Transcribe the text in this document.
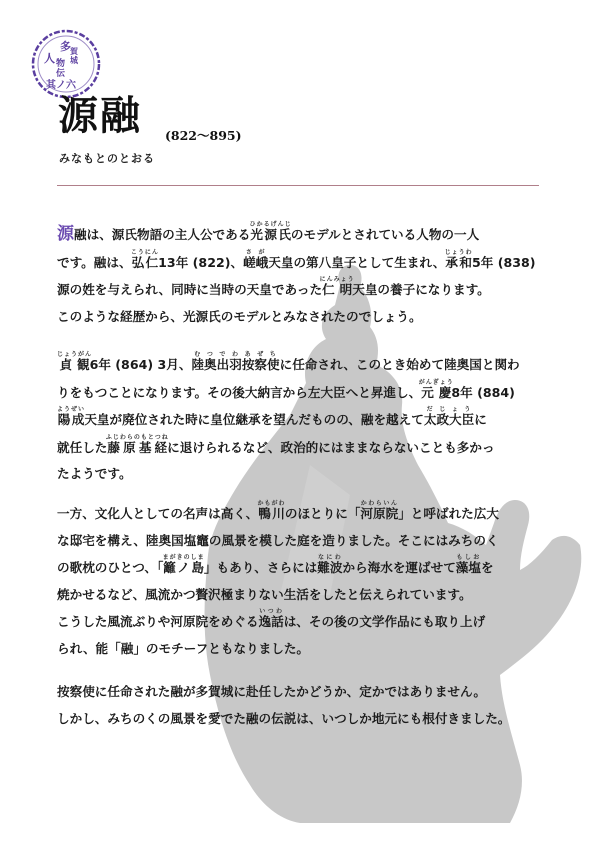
多 賀
城
人 物
伝
其ノ六
源融 (822〜895)
みなもとのとおる
源融は、源氏物語の主人公である光源氏ひかるげんじのモデルとされている人物の一人
です。融は、弘仁こうにん13年 (822)、嵯峨さが天皇の第八皇子として生まれ、承和じょうわ5年 (838)
源の姓を与えられ、同時に当時の天皇であった仁明にんみょう天皇の養子になります。
このような経歴から、光源氏のモデルとみなされたのでしょう。
貞観じょうがん6年 (864) 3月、陸奥出羽按察使むつでわあぜちに任命され、このとき始めて陸奥国と関わ
りをもつことになります。その後大納言から左大臣へと昇進し、元慶がんぎょう8年 (884)
陽成ようぜい天皇が廃位された時に皇位継承を望んだものの、融を越えて太政大臣だじょうに
就任した藤原基経ふじわらのもとつねに退けられるなど、政治的にはままならないことも多かっ
たようです。
一方、文化人としての名声は高く、鴨川かもがわのほとりに「河原院かわらいん」と呼ばれた広大
な邸宅を構え、陸奥国塩竈の風景を模した庭を造りました。そこにはみちのく
の歌枕のひとつ、「籬ノ島まがきのしま」もあり、さらには難波なにわから海水を運ばせて藻塩もしおを
焼かせるなど、風流かつ贅沢極まりない生活をしたと伝えられています。
こうした風流ぶりや河原院をめぐる逸話いつわは、その後の文学作品にも取り上げ
られ、能「融」のモチーフともなりました。
按察使に任命された融が多賀城に赴任したかどうか、定かではありません。
しかし、みちのくの風景を愛でた融の伝説は、いつしか地元にも根付きました。
